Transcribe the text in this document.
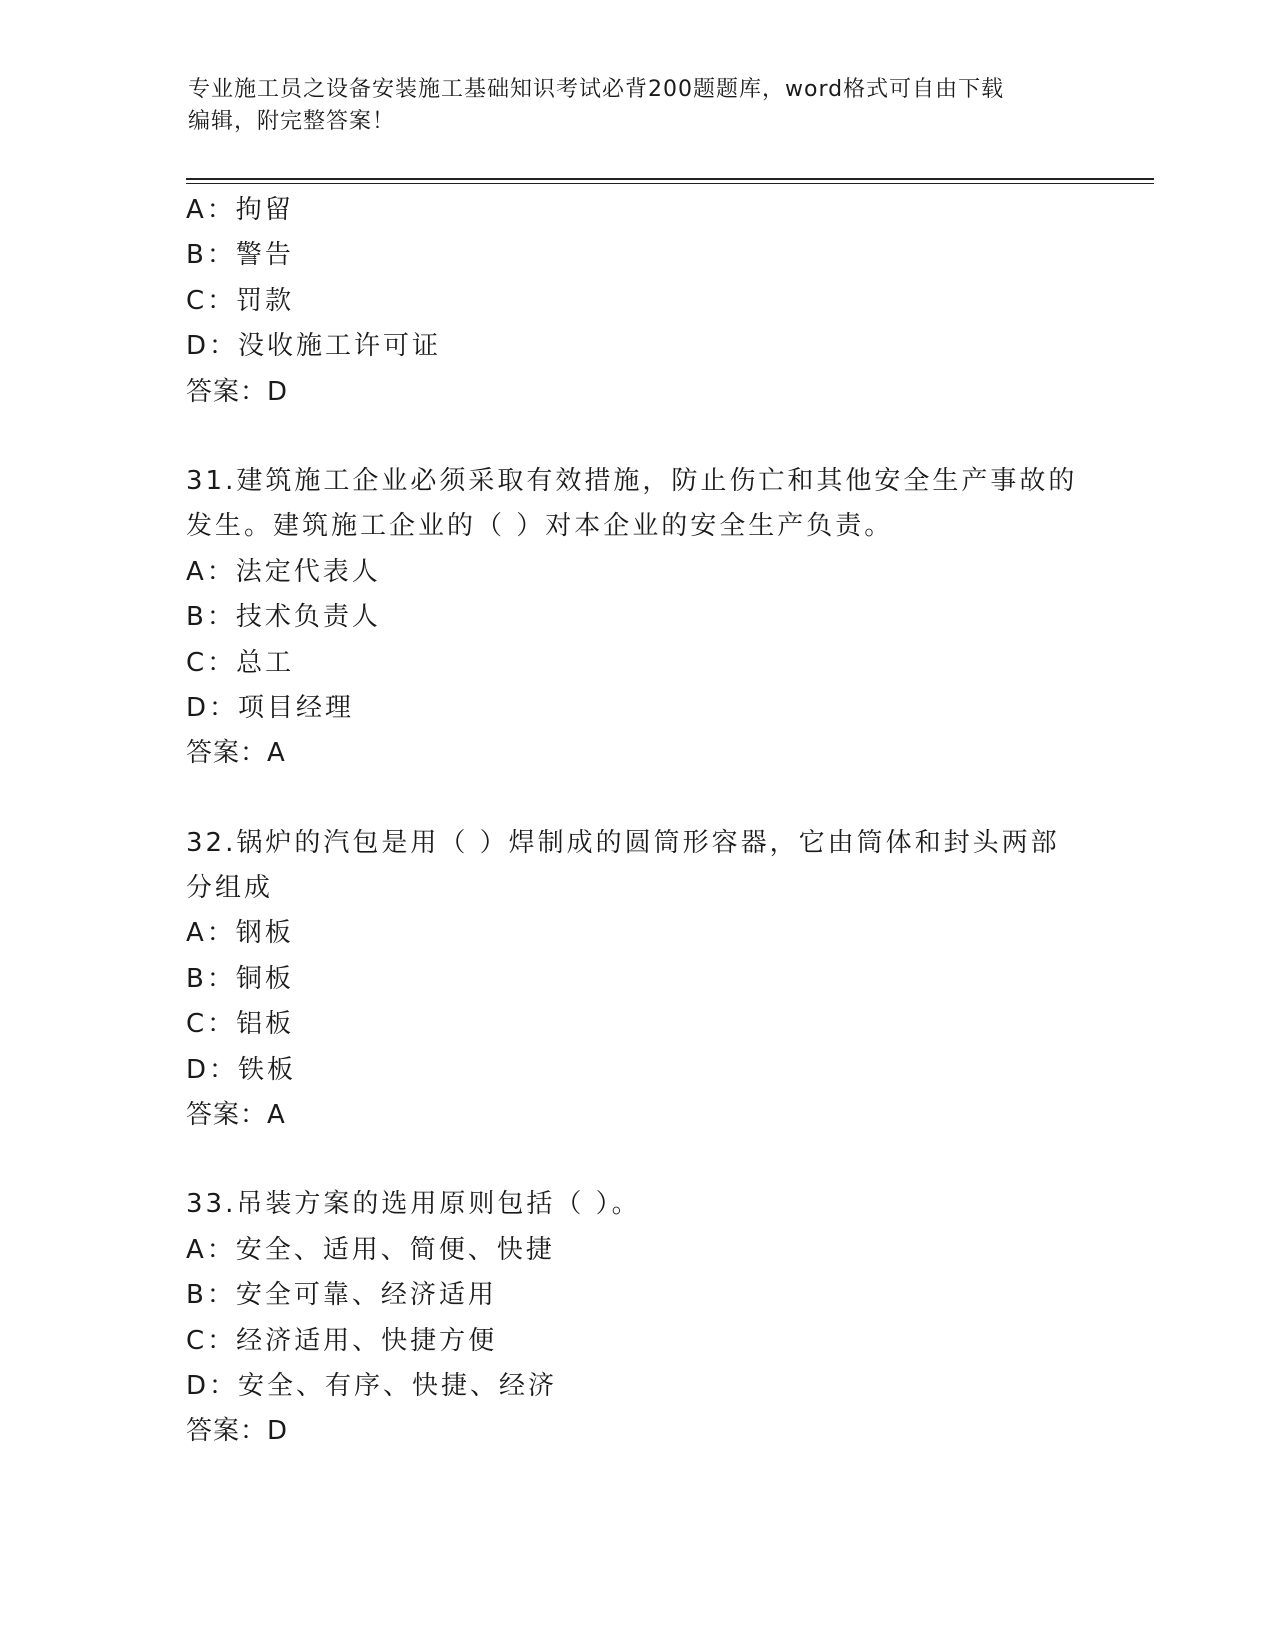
专业施工员之设备安装施工基础知识考试必背200题题库，word格式可自由下载
编辑，附完整答案！
A：拘留
B：警告
C：罚款
D：没收施工许可证
答案：D
31.建筑施工企业必须采取有效措施，防止伤亡和其他安全生产事故的
发生。建筑施工企业的（ ）对本企业的安全生产负责。
A：法定代表人
B：技术负责人
C：总工
D：项目经理
答案：A
32.锅炉的汽包是用（ ）焊制成的圆筒形容器，它由筒体和封头两部
分组成
A：钢板
B：铜板
C：铝板
D：铁板
答案：A
33.吊装方案的选用原则包括（ ）。
A：安全、适用、简便、快捷
B：安全可靠、经济适用
C：经济适用、快捷方便
D：安全、有序、快捷、经济
答案：D
